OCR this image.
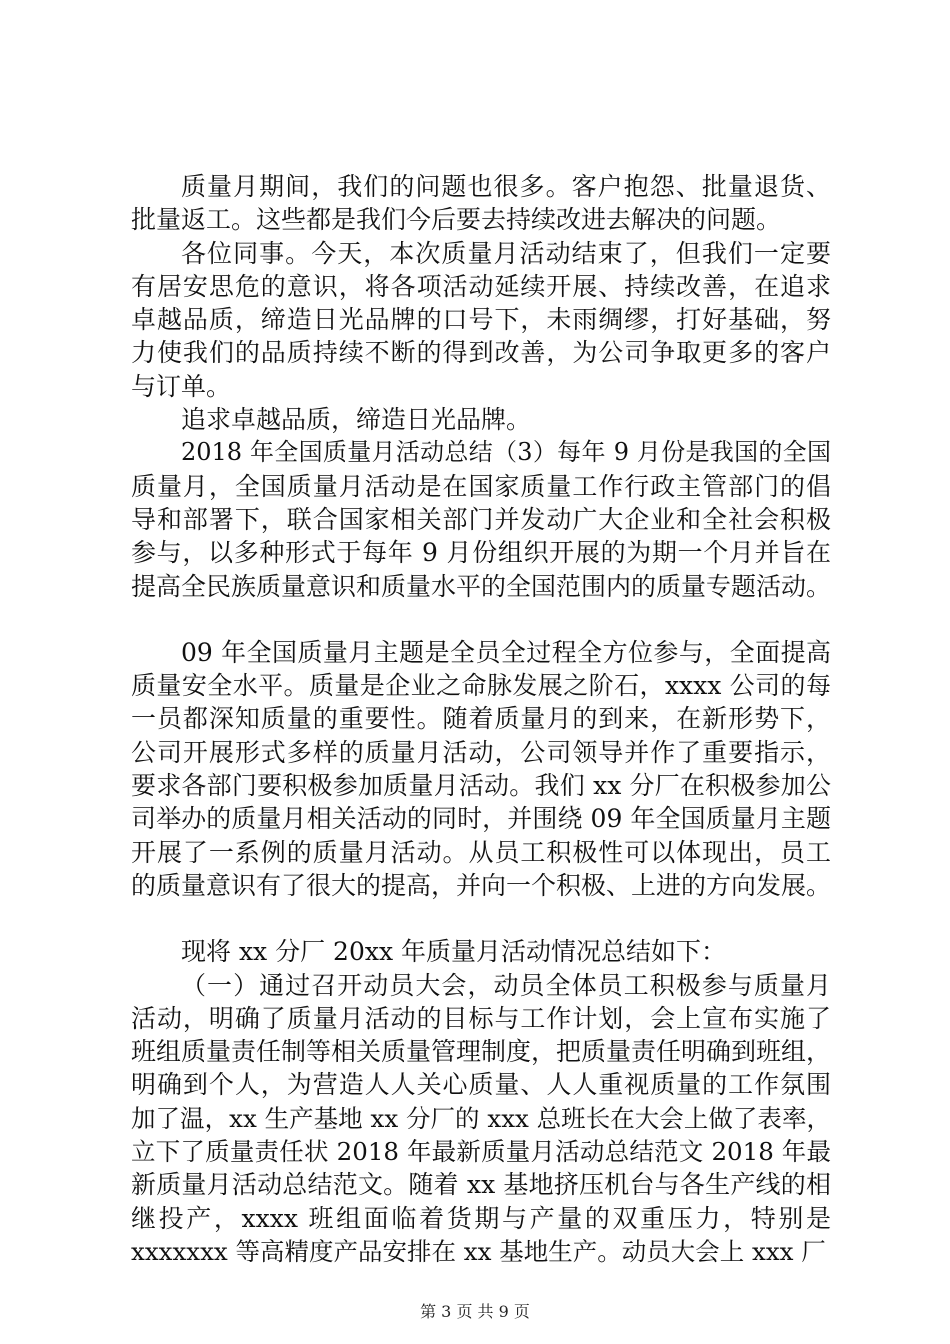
质量月期间，我们的问题也很多。客户抱怨、批量退货、
批量返工。这些都是我们今后要去持续改进去解决的问题。
各位同事。今天，本次质量月活动结束了，但我们一定要
有居安思危的意识，将各项活动延续开展、持续改善，在追求
卓越品质，缔造日光品牌的口号下，未雨绸缪，打好基础，努
力使我们的品质持续不断的得到改善，为公司争取更多的客户
与订单。
追求卓越品质，缔造日光品牌。
2018 年全国质量月活动总结（3）每年 9 月份是我国的全国
质量月，全国质量月活动是在国家质量工作行政主管部门的倡
导和部署下，联合国家相关部门并发动广大企业和全社会积极
参与，以多种形式于每年 9 月份组织开展的为期一个月并旨在
提高全民族质量意识和质量水平的全国范围内的质量专题活动。
09 年全国质量月主题是全员全过程全方位参与，全面提高
质量安全水平。质量是企业之命脉发展之阶石，xxxx 公司的每
一员都深知质量的重要性。随着质量月的到来，在新形势下，
公司开展形式多样的质量月活动，公司领导并作了重要指示，
要求各部门要积极参加质量月活动。我们 xx 分厂在积极参加公
司举办的质量月相关活动的同时，并围绕 09 年全国质量月主题
开展了一系例的质量月活动。从员工积极性可以体现出，员工
的质量意识有了很大的提高，并向一个积极、上进的方向发展。
现将 xx 分厂 20xx 年质量月活动情况总结如下：
（一）通过召开动员大会，动员全体员工积极参与质量月
活动，明确了质量月活动的目标与工作计划，会上宣布实施了
班组质量责任制等相关质量管理制度，把质量责任明确到班组，
明确到个人，为营造人人关心质量、人人重视质量的工作氛围
加了温，xx 生产基地 xx 分厂的 xxx 总班长在大会上做了表率，
立下了质量责任状 2018 年最新质量月活动总结范文 2018 年最
新质量月活动总结范文。随着 xx 基地挤压机台与各生产线的相
继投产，xxxx 班组面临着货期与产量的双重压力，特别是
xxxxxxx 等高精度产品安排在 xx 基地生产。动员大会上 xxx 厂
第 3 页 共 9 页
